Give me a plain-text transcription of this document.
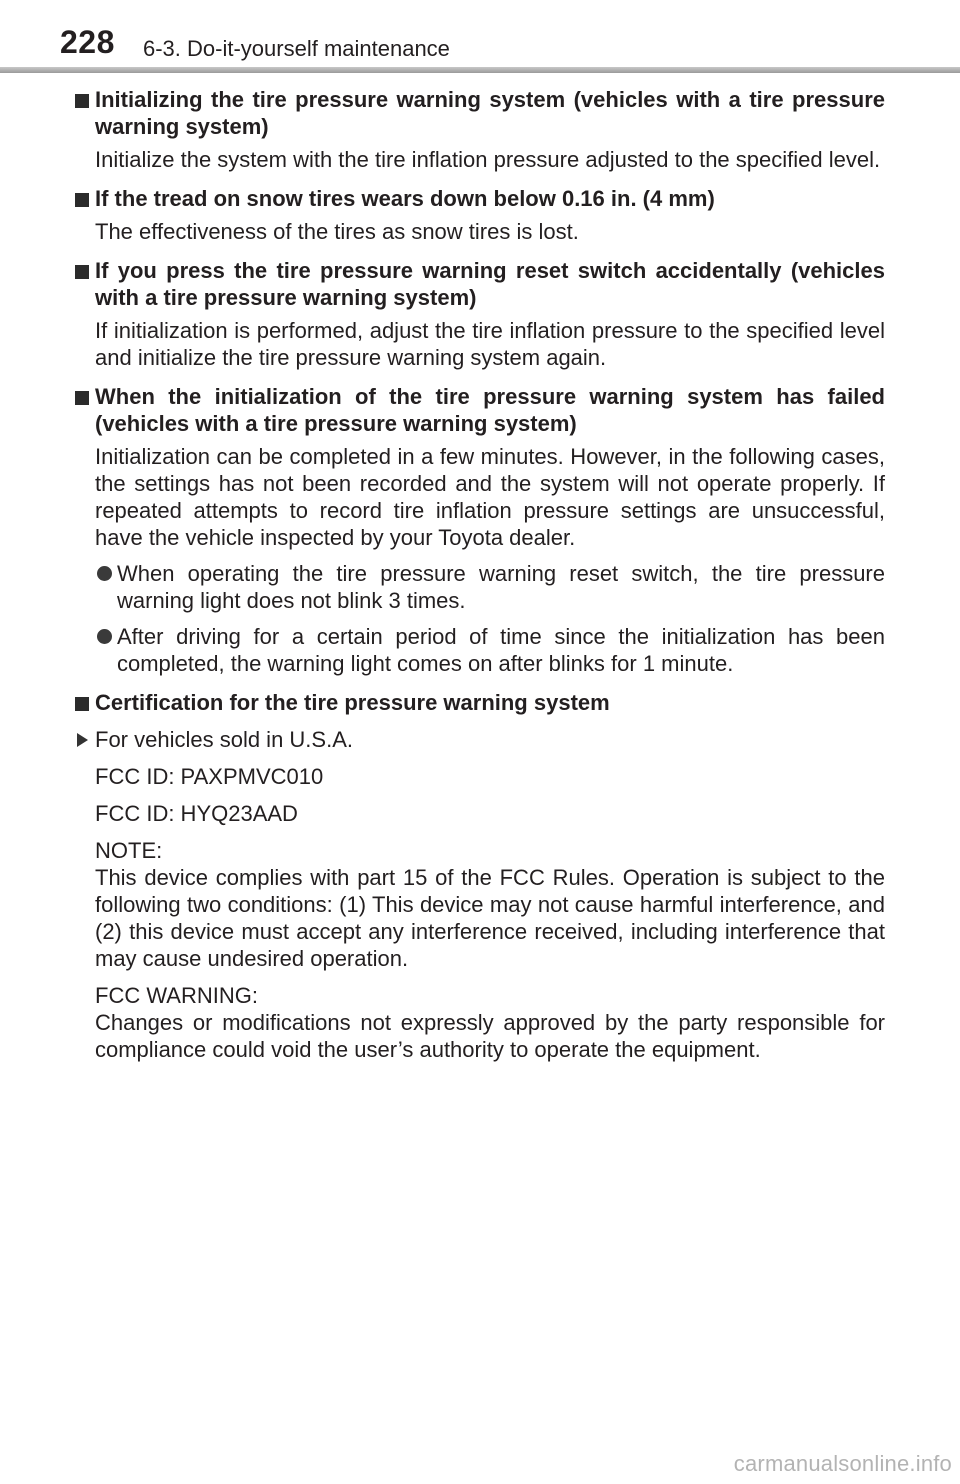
228 6-3. Do-it-yourself maintenance
Initializing the tire pressure warning system (vehicles with a tire pressure warning system)
Initialize the system with the tire inflation pressure adjusted to the specified level.
If the tread on snow tires wears down below 0.16 in. (4 mm)
The effectiveness of the tires as snow tires is lost.
If you press the tire pressure warning reset switch accidentally (vehicles with a tire pressure warning system)
If initialization is performed, adjust the tire inflation pressure to the specified level and initialize the tire pressure warning system again.
When the initialization of the tire pressure warning system has failed (vehicles with a tire pressure warning system)
Initialization can be completed in a few minutes. However, in the following cases, the settings has not been recorded and the system will not operate properly. If repeated attempts to record tire inflation pressure settings are unsuccessful, have the vehicle inspected by your Toyota dealer.
When operating the tire pressure warning reset switch, the tire pressure warning light does not blink 3 times.
After driving for a certain period of time since the initialization has been completed, the warning light comes on after blinks for 1 minute.
Certification for the tire pressure warning system
For vehicles sold in U.S.A.
FCC ID: PAXPMVC010
FCC ID: HYQ23AAD
NOTE:
This device complies with part 15 of the FCC Rules. Operation is subject to the following two conditions: (1) This device may not cause harmful interference, and (2) this device must accept any interference received, including interference that may cause undesired operation.
FCC WARNING:
Changes or modifications not expressly approved by the party responsible for compliance could void the user’s authority to operate the equipment.
carmanualsonline.info
